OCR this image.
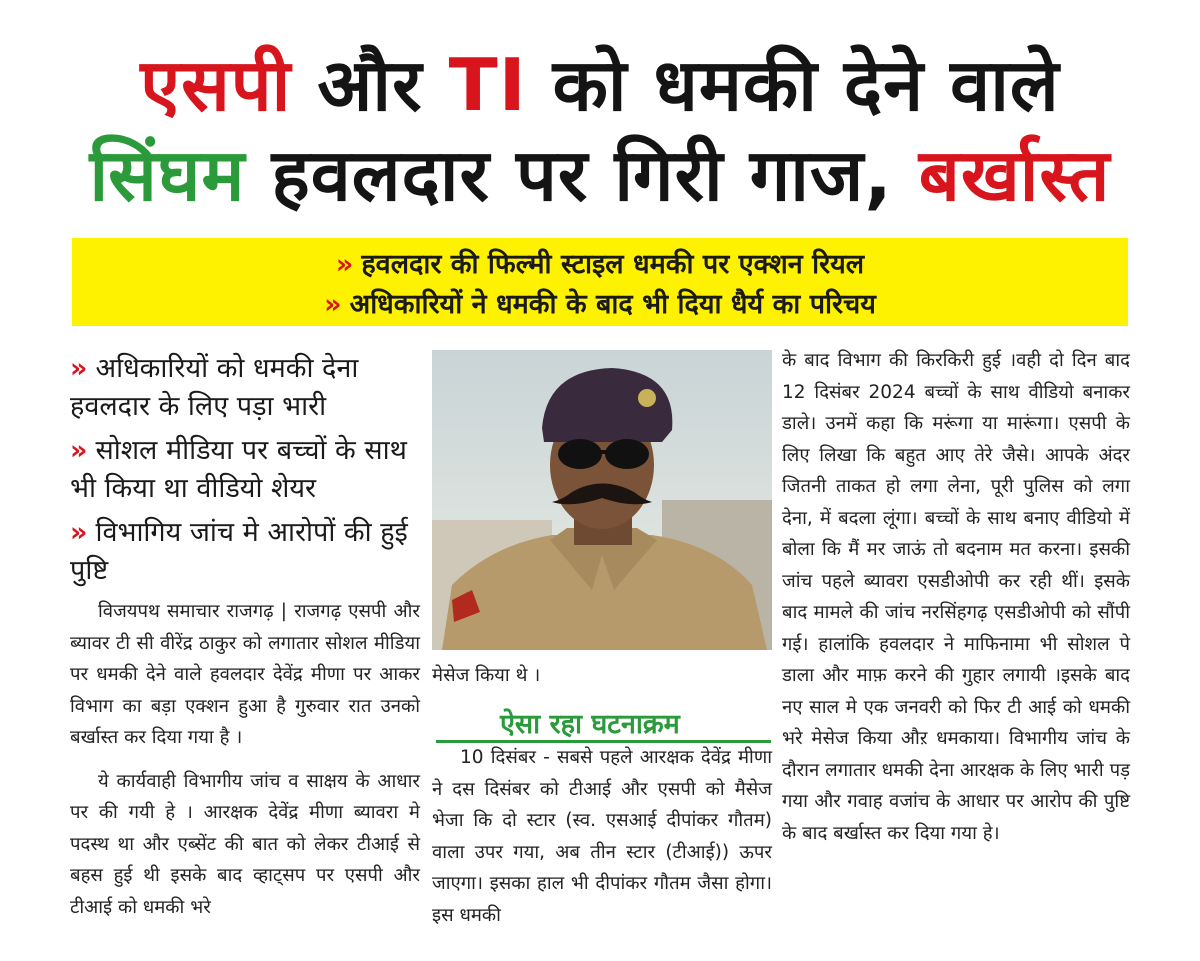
एसपी और TI को धमकी देने वाले
सिंघम हवलदार पर गिरी गाज, बर्खास्त
» हवलदार की फिल्मी स्टाइल धमकी पर एक्शन रियल
» अधिकारियों ने धमकी के बाद भी दिया धैर्य का परिचय
» अधिकारियों को धमकी देना हवलदार के लिए पड़ा भारी
» सोशल मीडिया पर बच्चों के साथ भी किया था वीडियो शेयर
» विभागिय जांच मे आरोपों की हुई पुष्टि

विजयपथ समाचार राजगढ़ | राजगढ़ एसपी और ब्यावर टी सी वीरेंद्र ठाकुर को लगातार सोशल मीडिया पर धमकी देने वाले हवलदार देवेंद्र मीणा पर आकर विभाग का बड़ा एक्शन हुआ है गुरुवार रात उनको बर्खास्त कर दिया गया है ।

ये कार्यवाही विभागीय जांच व साक्षय के आधार पर की गयी हे । आरक्षक देवेंद्र मीणा ब्यावरा मे पदस्थ था और एब्सेंट की बात को लेकर टीआई से बहस हुई थी इसके बाद व्हाट्सप पर एसपी और टीआई को धमकी भरे

मेसेज किया थे ।
ऐसा रहा घटनाक्रम

10 दिसंबर - सबसे पहले आरक्षक देवेंद्र मीणा ने दस दिसंबर को टीआई और एसपी को मैसेज भेजा कि दो स्टार (स्व. एसआई दीपांकर गौतम) वाला उपर गया, अब तीन स्टार (टीआई)) ऊपर जाएगा। इसका हाल भी दीपांकर गौतम जैसा होगा। इस धमकी

के बाद विभाग की किरकिरी हुई ।वही दो दिन बाद 12 दिसंबर 2024 बच्चों के साथ वीडियो बनाकर डाले। उनमें कहा कि मरूंगा या मारूंगा। एसपी के लिए लिखा कि बहुत आए तेरे जैसे। आपके अंदर जितनी ताकत हो लगा लेना, पूरी पुलिस को लगा देना, में बदला लूंगा। बच्चों के साथ बनाए वीडियो में बोला कि मैं मर जाऊं तो बदनाम मत करना। इसकी जांच पहले ब्यावरा एसडीओपी कर रही थीं। इसके बाद मामले की जांच नरसिंहगढ़ एसडीओपी को सौंपी गई। हालांकि हवलदार ने माफिनामा भी सोशल पे डाला और माफ़ करने की गुहार लगायी ।इसके बाद नए साल मे एक जनवरी को फिर टी आई को धमकी भरे मेसेज किया औऱ धमकाया। विभागीय जांच के दौरान लगातार धमकी देना आरक्षक के लिए भारी पड़ गया और गवाह वजांच के आधार पर आरोप की पुष्टि के बाद बर्खास्त कर दिया गया हे।
